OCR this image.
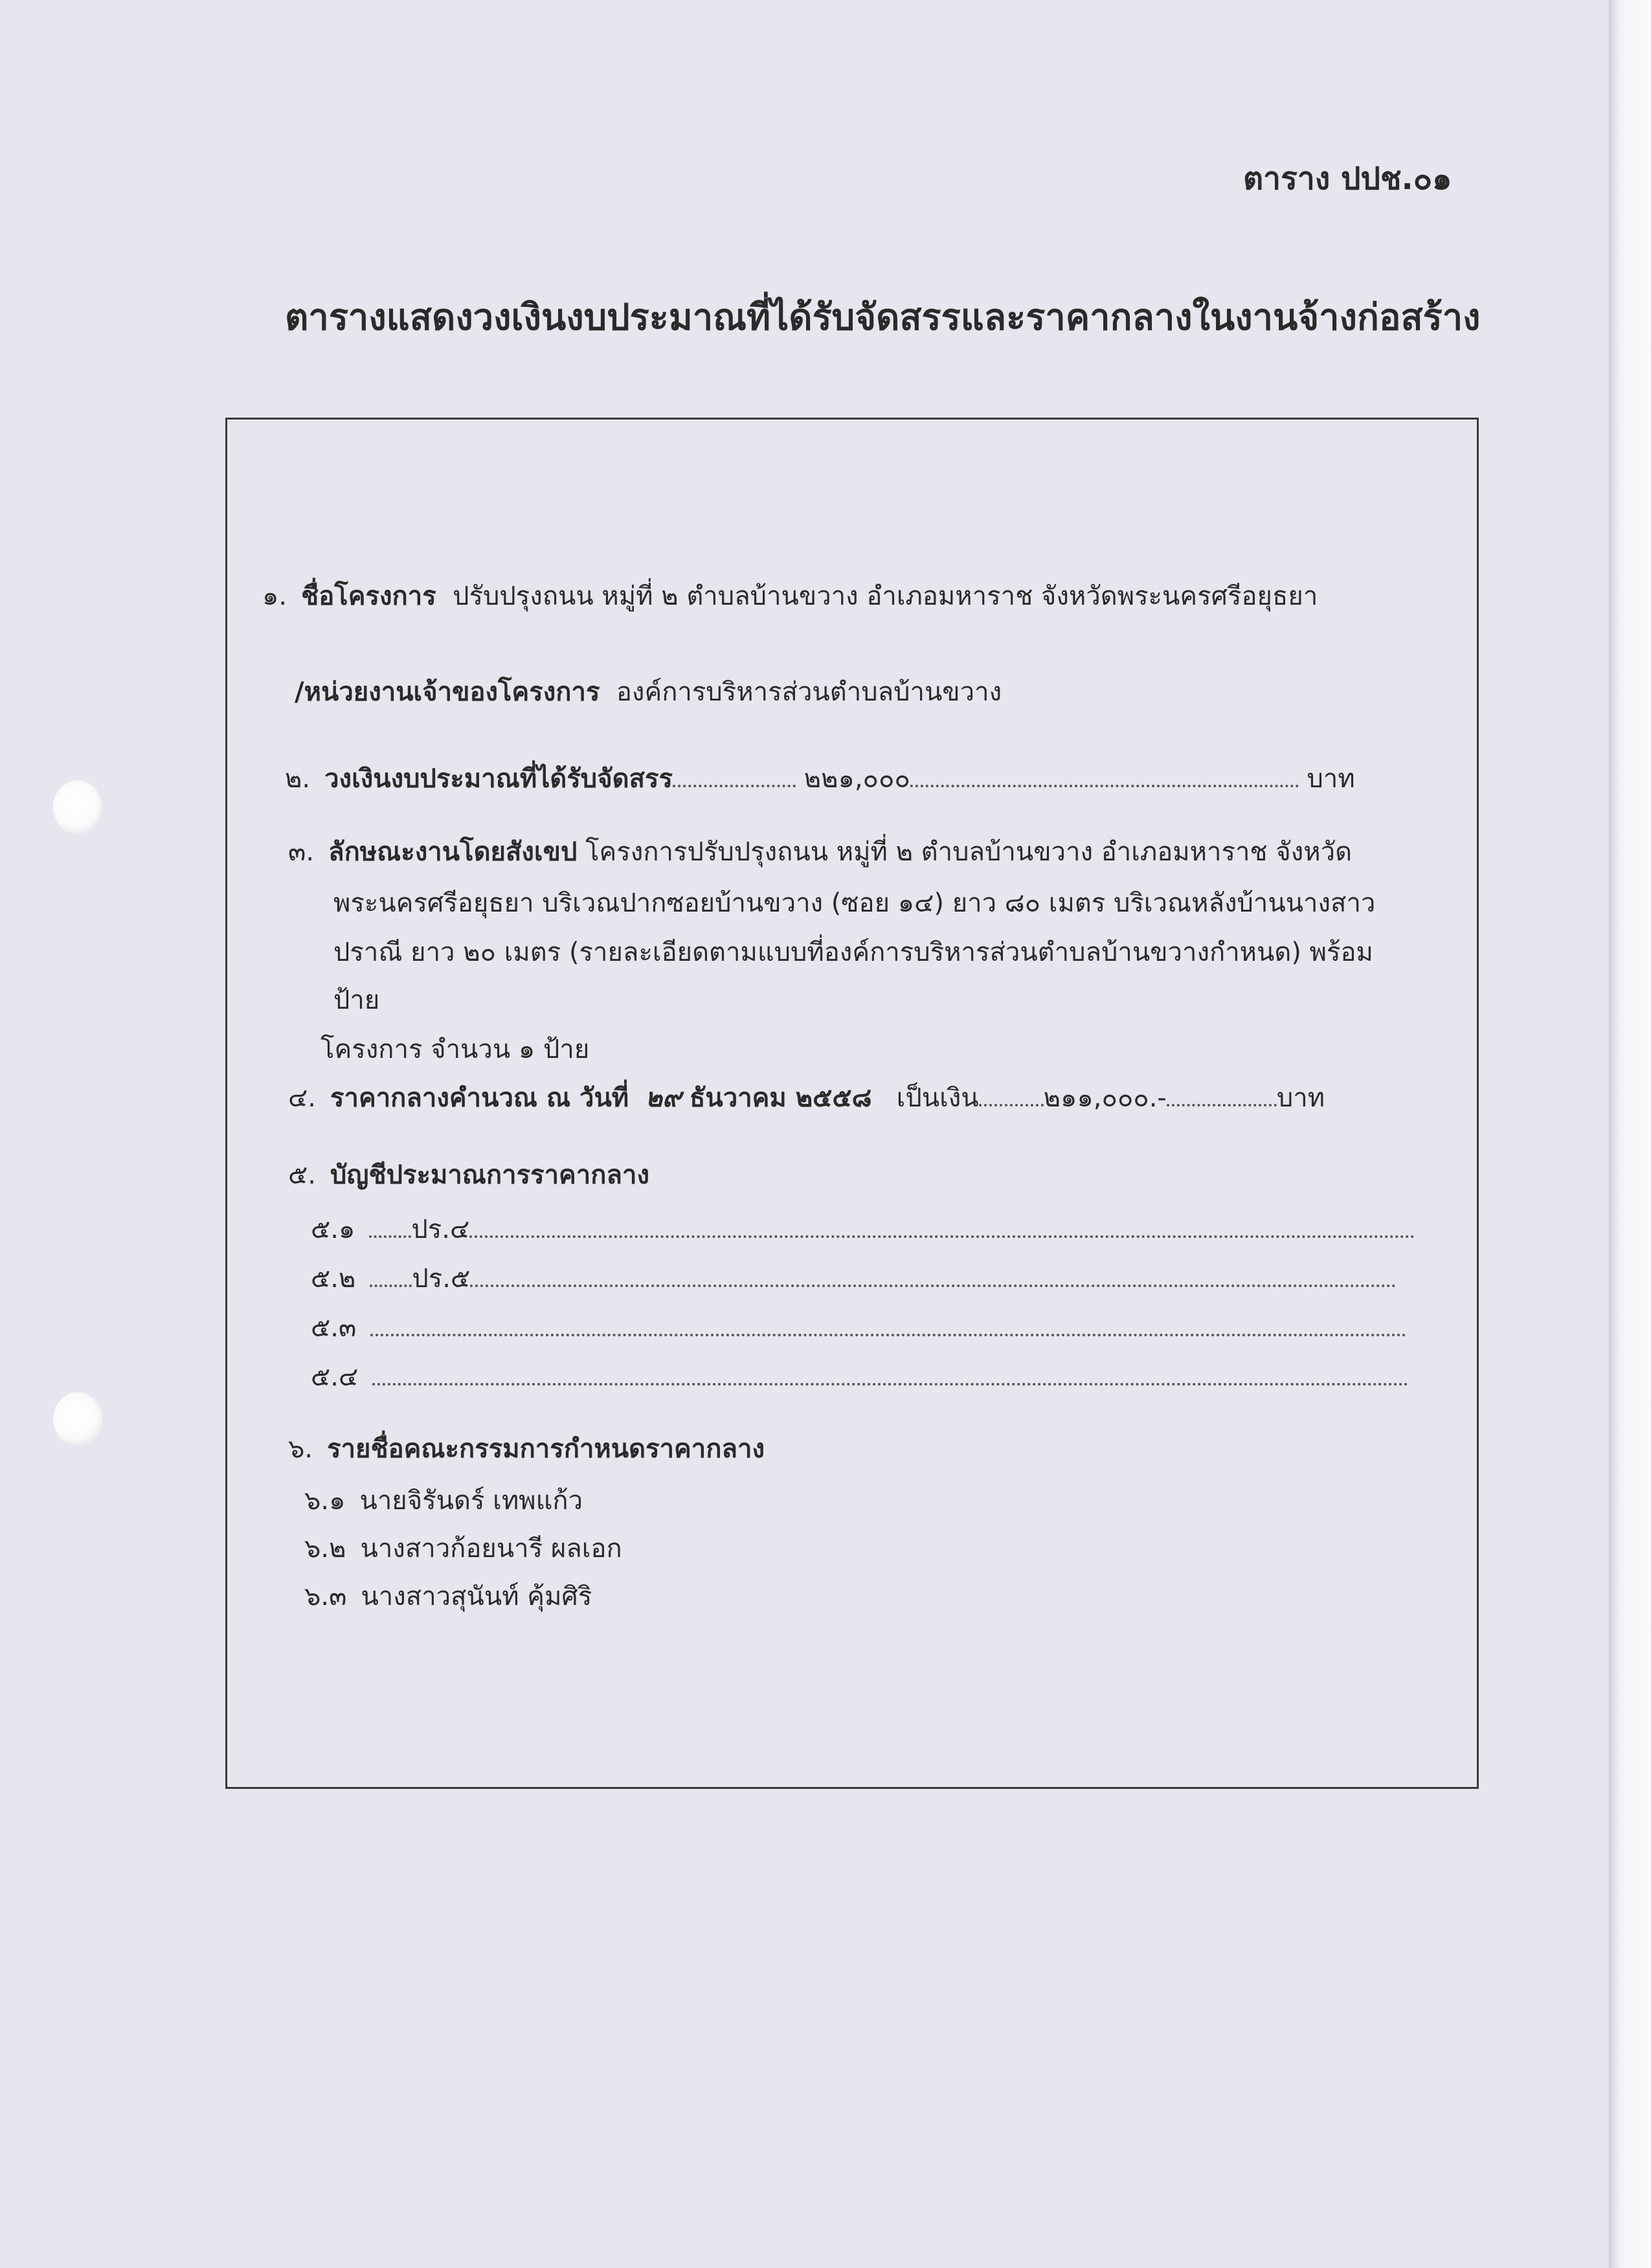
ตาราง ปปช.๐๑
ตารางแสดงวงเงินงบประมาณที่ได้รับจัดสรรและราคากลางในงานจ้างก่อสร้าง
๑. ชื่อโครงการ ปรับปรุงถนน หมู่ที่ ๒ ตำบลบ้านขวาง อำเภอมหาราช จังหวัดพระนครศรีอยุธยา
/หน่วยงานเจ้าของโครงการ องค์การบริหารส่วนตำบลบ้านขวาง
๒. วงเงินงบประมาณที่ได้รับจัดสรร	๒๒๑,๐๐๐	บาท
๓. ลักษณะงานโดยสังเขป โครงการปรับปรุงถนน หมู่ที่ ๒ ตำบลบ้านขวาง อำเภอมหาราช จังหวัด
พระนครศรีอยุธยา บริเวณปากซอยบ้านขวาง (ซอย ๑๔) ยาว ๘๐ เมตร บริเวณหลังบ้านนางสาว
ปราณี ยาว ๒๐ เมตร (รายละเอียดตามแบบที่องค์การบริหารส่วนตำบลบ้านขวางกำหนด) พร้อม
ป้าย
โครงการ จำนวน ๑ ป้าย
๔. ราคากลางคำนวณ ณ วันที่ ๒๙ ธันวาคม ๒๕๕๘ เป็นเงิน	๒๑๑,๐๐๐.-	บาท
๕. บัญชีประมาณการราคากลาง
๕.๑ ปร.๔
๕.๒ ปร.๕
๕.๓
๕.๔
๖. รายชื่อคณะกรรมการกำหนดราคากลาง
๖.๑ นายจิรันดร์ เทพแก้ว
๖.๒ นางสาวก้อยนารี ผลเอก
๖.๓ นางสาวสุนันท์ คุ้มศิริ
